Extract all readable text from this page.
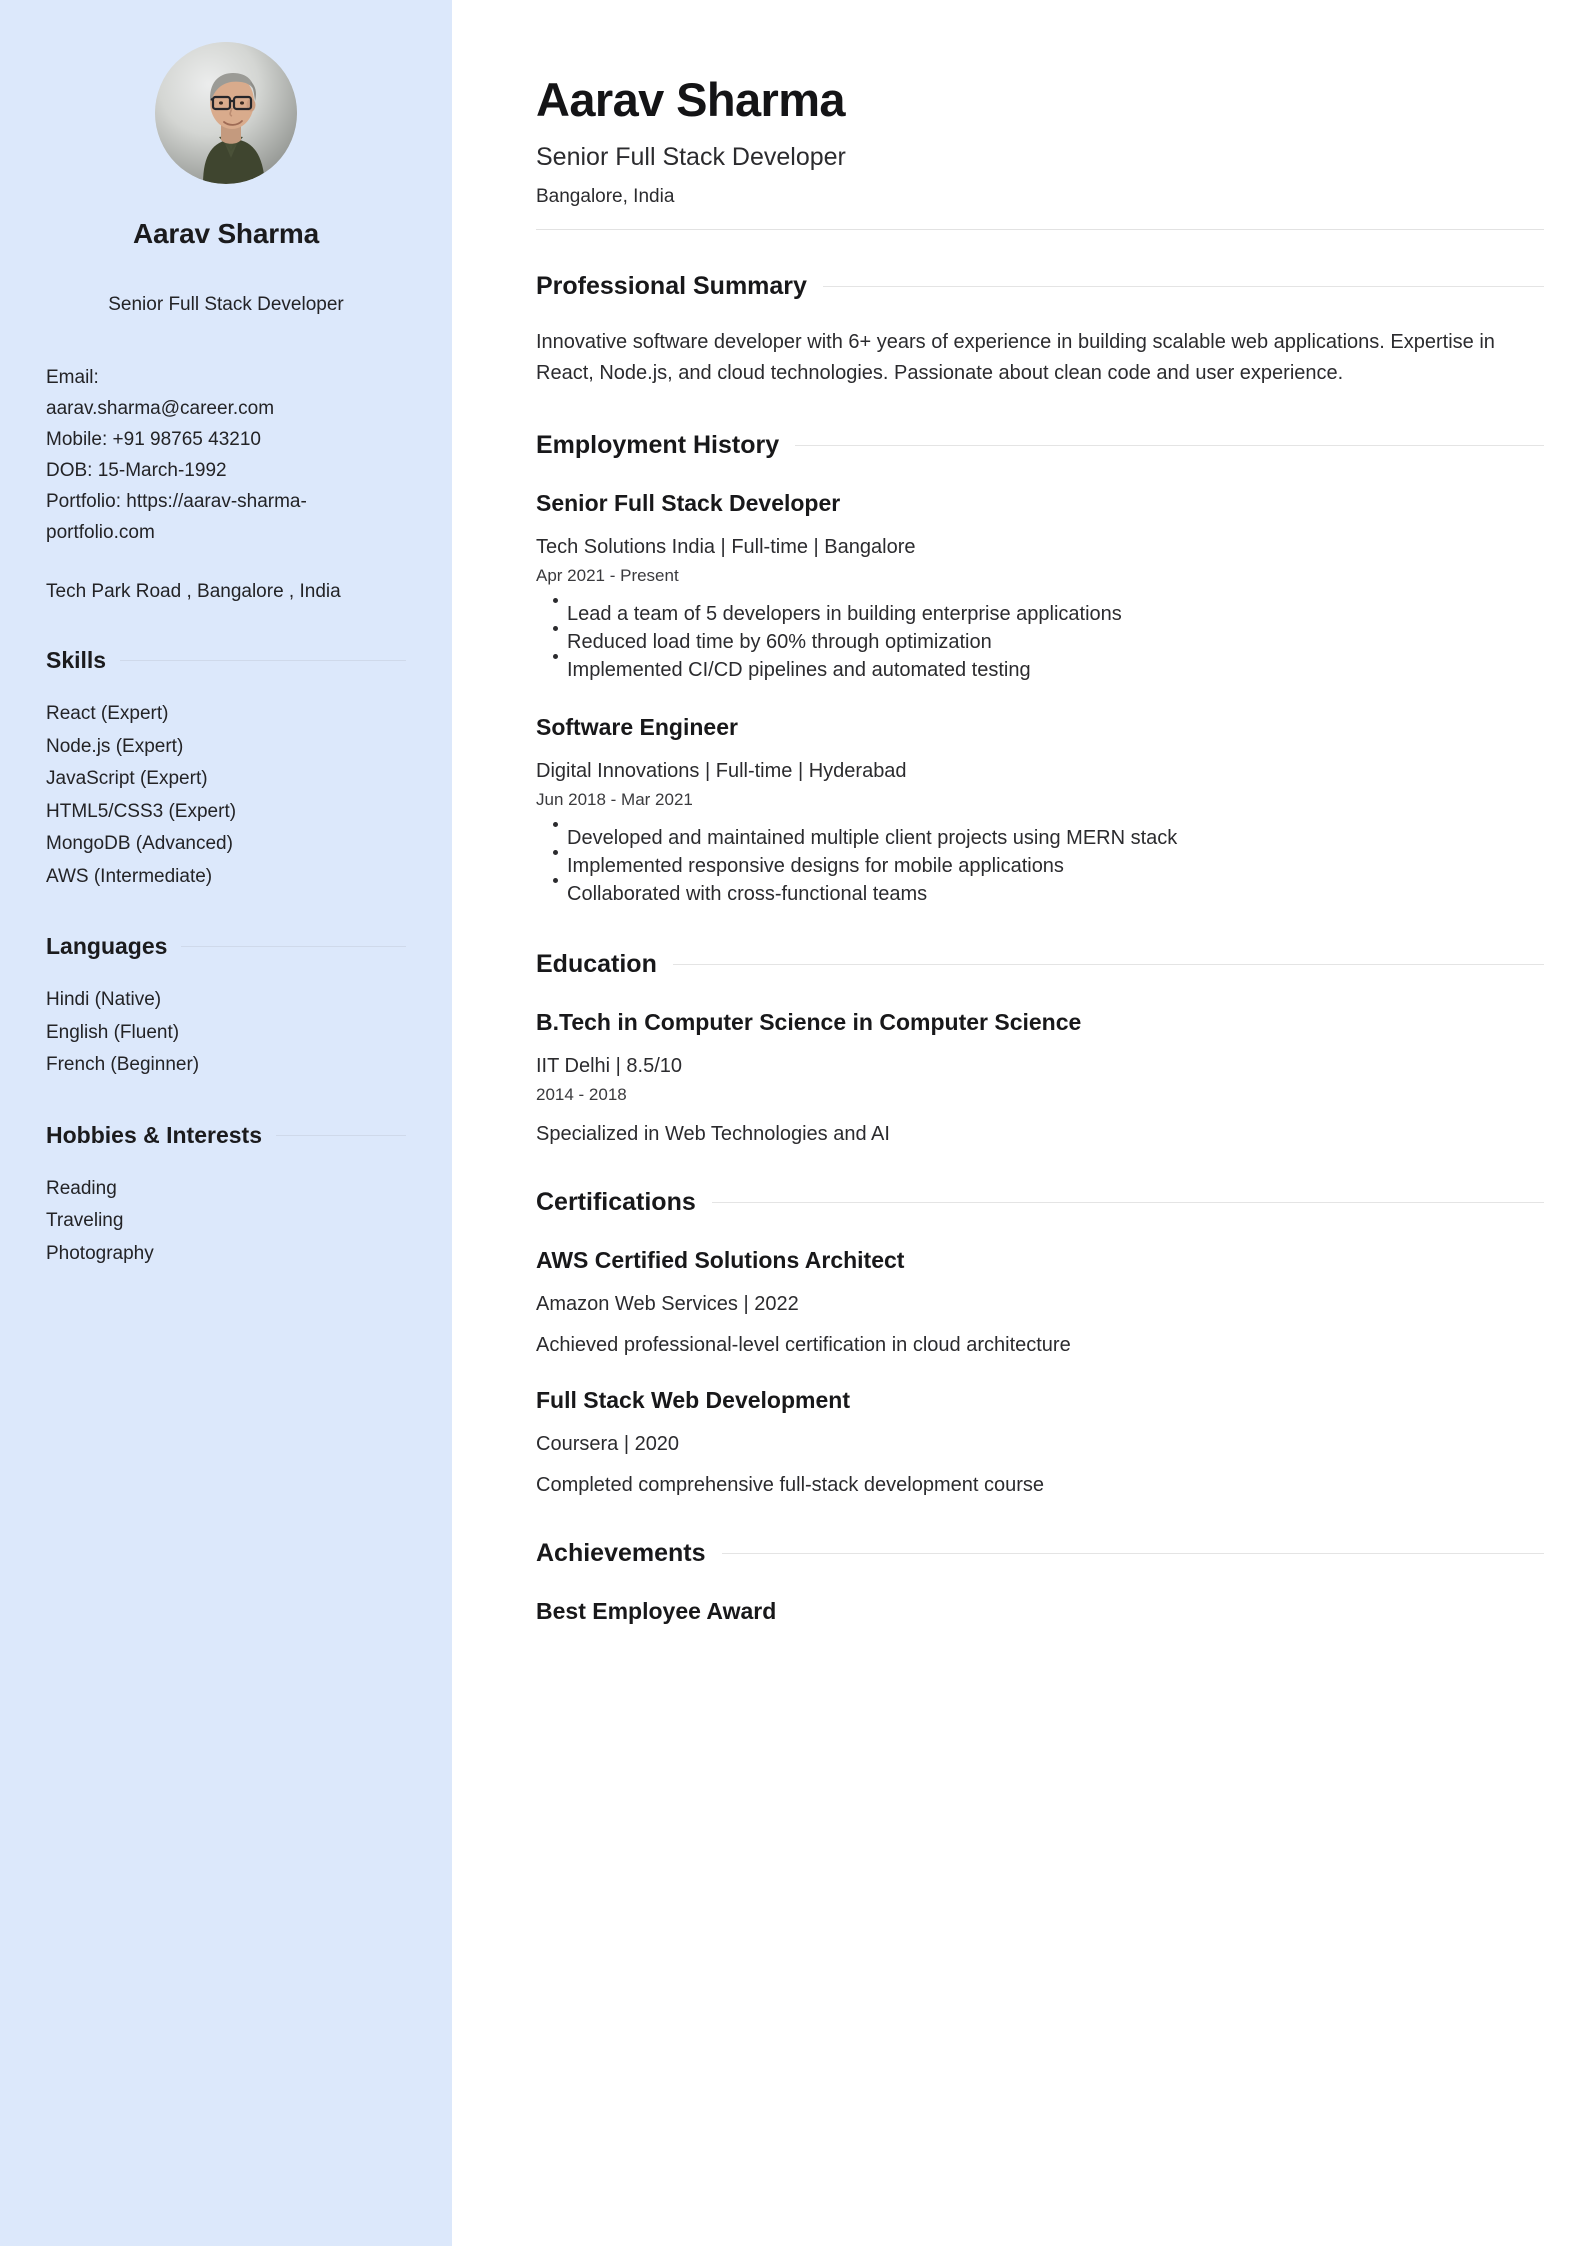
Aarav Sharma
Senior Full Stack Developer
Email:
aarav.sharma@career.com
Mobile: +91 98765 43210
DOB: 15-March-1992
Portfolio: https://aarav-sharma-portfolio.com
Tech Park Road , Bangalore , India
Skills
React (Expert)
Node.js (Expert)
JavaScript (Expert)
HTML5/CSS3 (Expert)
MongoDB (Advanced)
AWS (Intermediate)
Languages
Hindi (Native)
English (Fluent)
French (Beginner)
Hobbies & Interests
Reading
Traveling
Photography
Aarav Sharma
Senior Full Stack Developer
Bangalore, India
Professional Summary

Innovative software developer with 6+ years of experience in building scalable web applications. Expertise in React, Node.js, and cloud technologies. Passionate about clean code and user experience.

Employment History
Senior Full Stack Developer
Tech Solutions India | Full-time | Bangalore
Apr 2021 - Present
Lead a team of 5 developers in building enterprise applications
Reduced load time by 60% through optimization
Implemented CI/CD pipelines and automated testing
Software Engineer
Digital Innovations | Full-time | Hyderabad
Jun 2018 - Mar 2021
Developed and maintained multiple client projects using MERN stack
Implemented responsive designs for mobile applications
Collaborated with cross-functional teams
Education
B.Tech in Computer Science in Computer Science
IIT Delhi | 8.5/10
2014 - 2018
Specialized in Web Technologies and AI
Certifications
AWS Certified Solutions Architect
Amazon Web Services | 2022
Achieved professional-level certification in cloud architecture
Full Stack Web Development
Coursera | 2020
Completed comprehensive full-stack development course
Achievements
Best Employee Award
